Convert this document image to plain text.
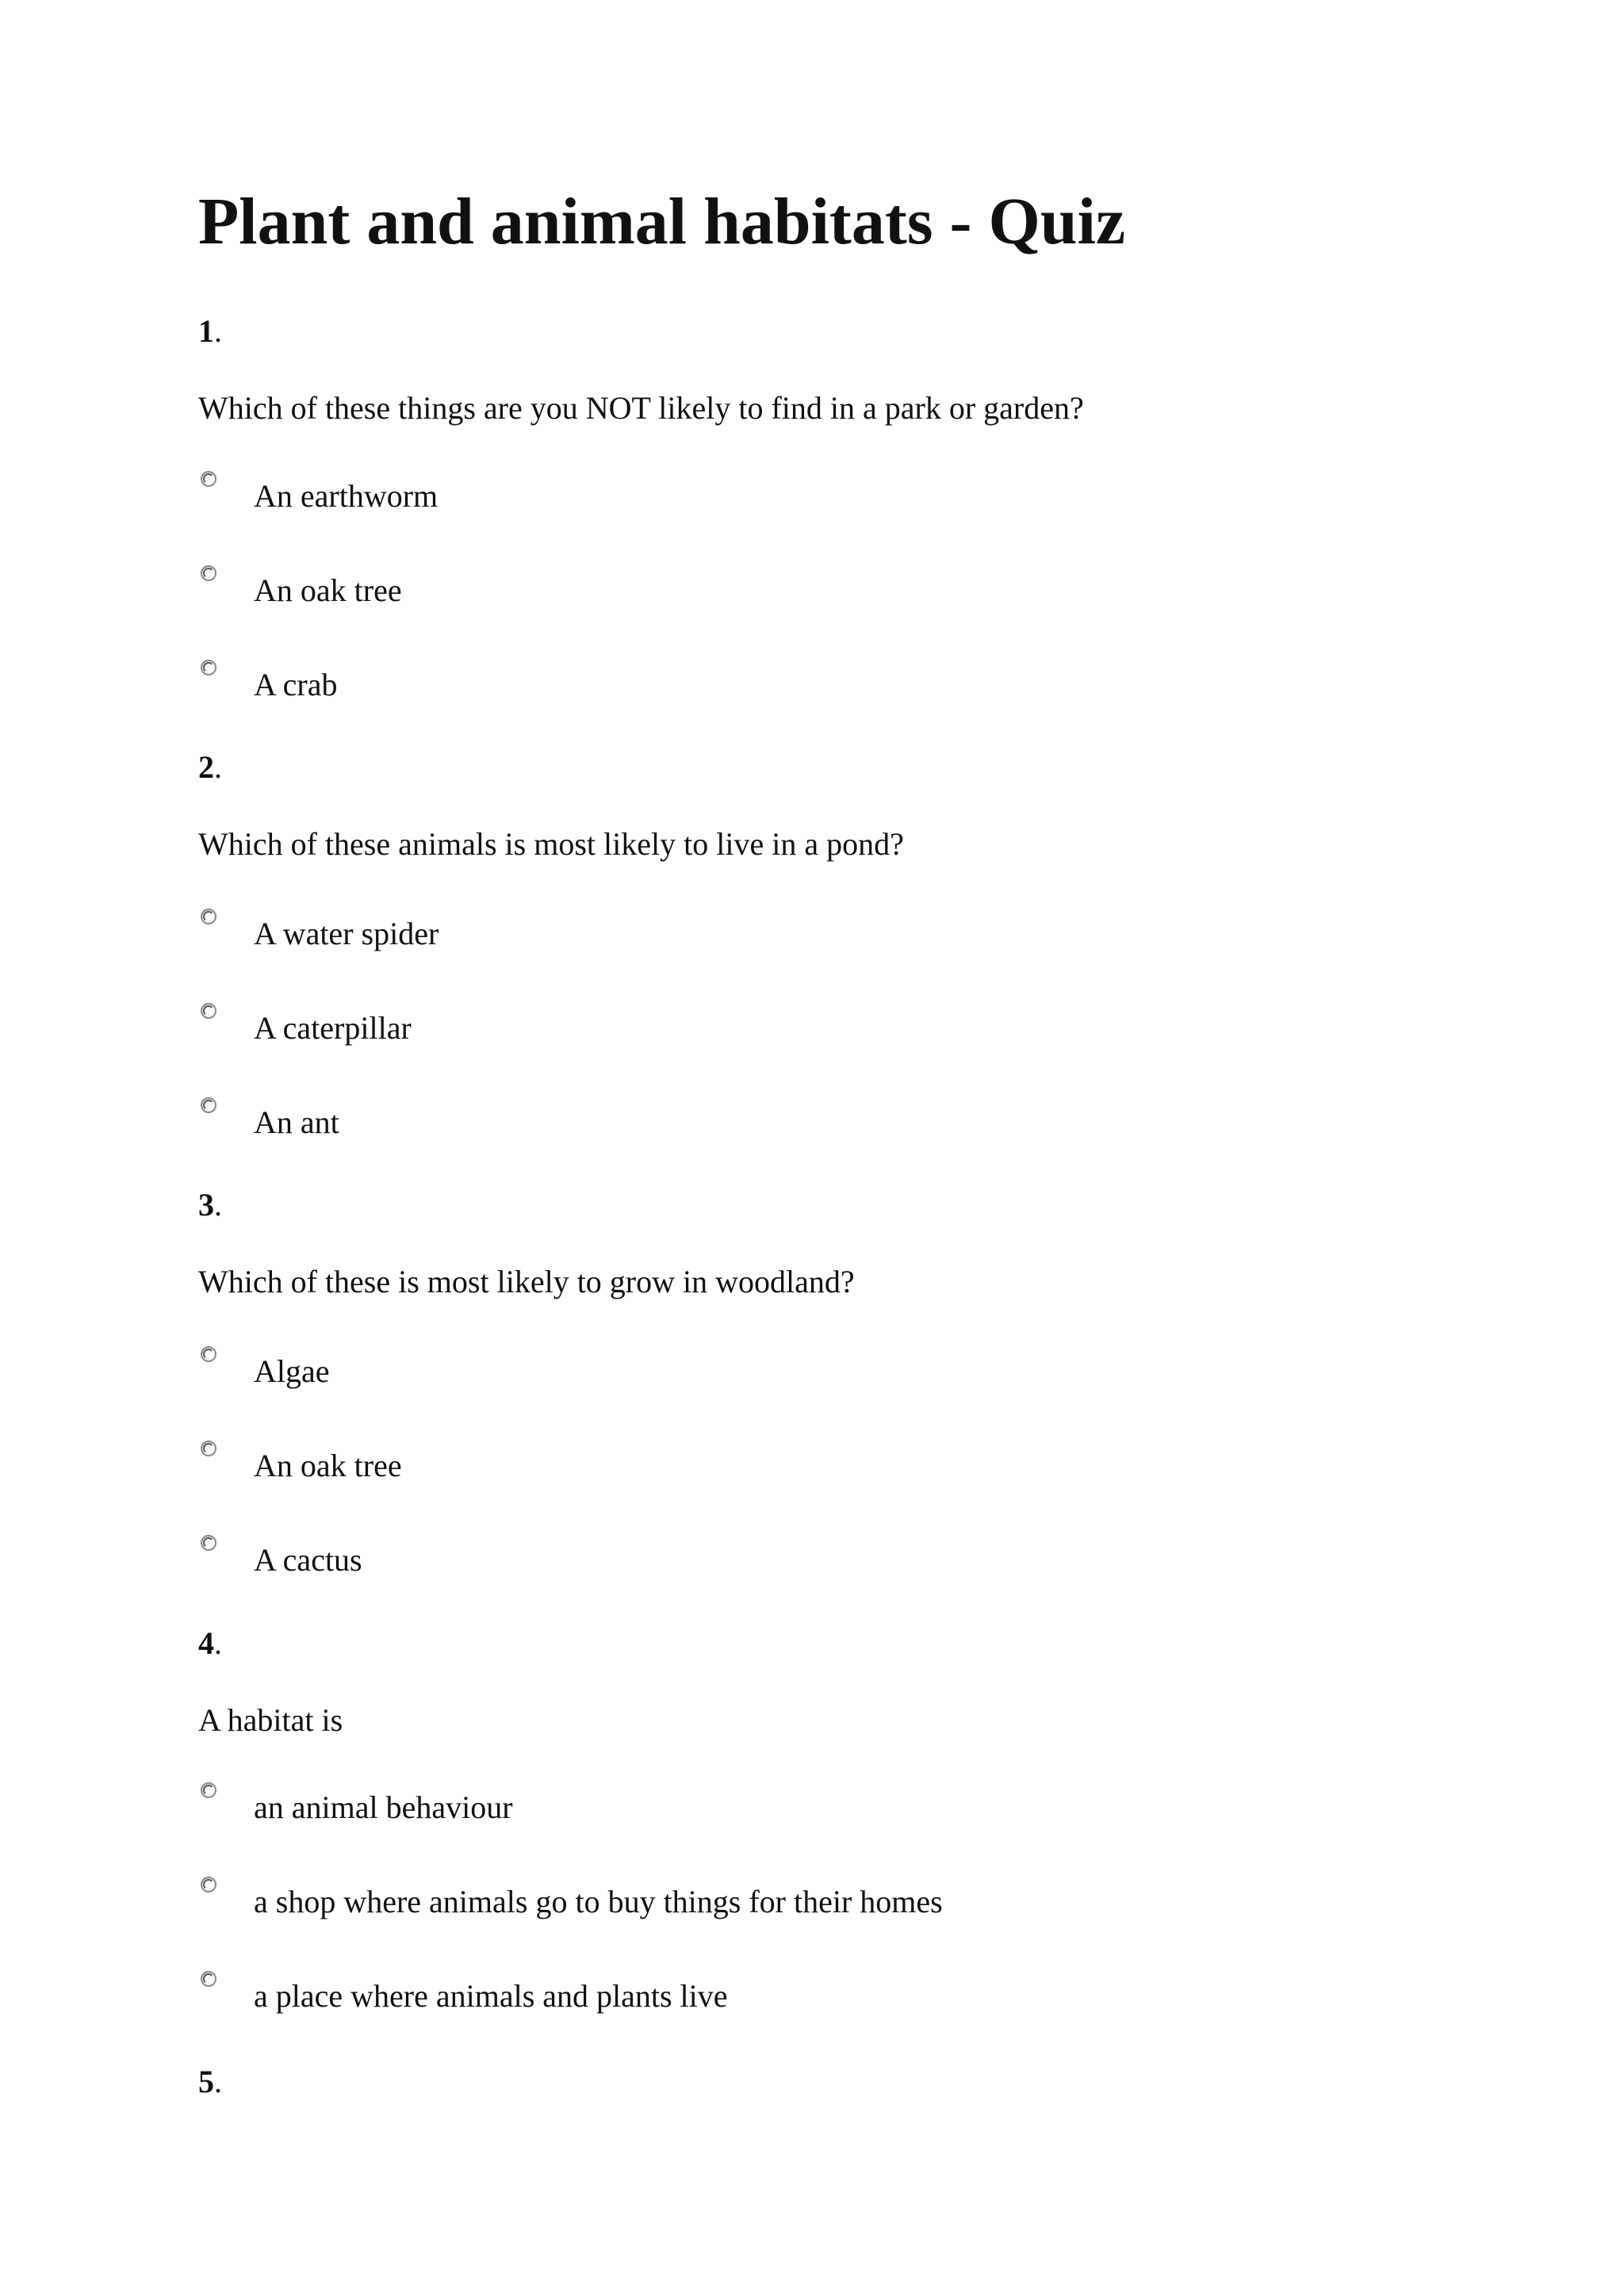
Plant and animal habitats - Quiz
1.
Which of these things are you NOT likely to find in a park or garden?
An earthworm
An oak tree
A crab
2.
Which of these animals is most likely to live in a pond?
A water spider
A caterpillar
An ant
3.
Which of these is most likely to grow in woodland?
Algae
An oak tree
A cactus
4.
A habitat is
an animal behaviour
a shop where animals go to buy things for their homes
a place where animals and plants live
5.
